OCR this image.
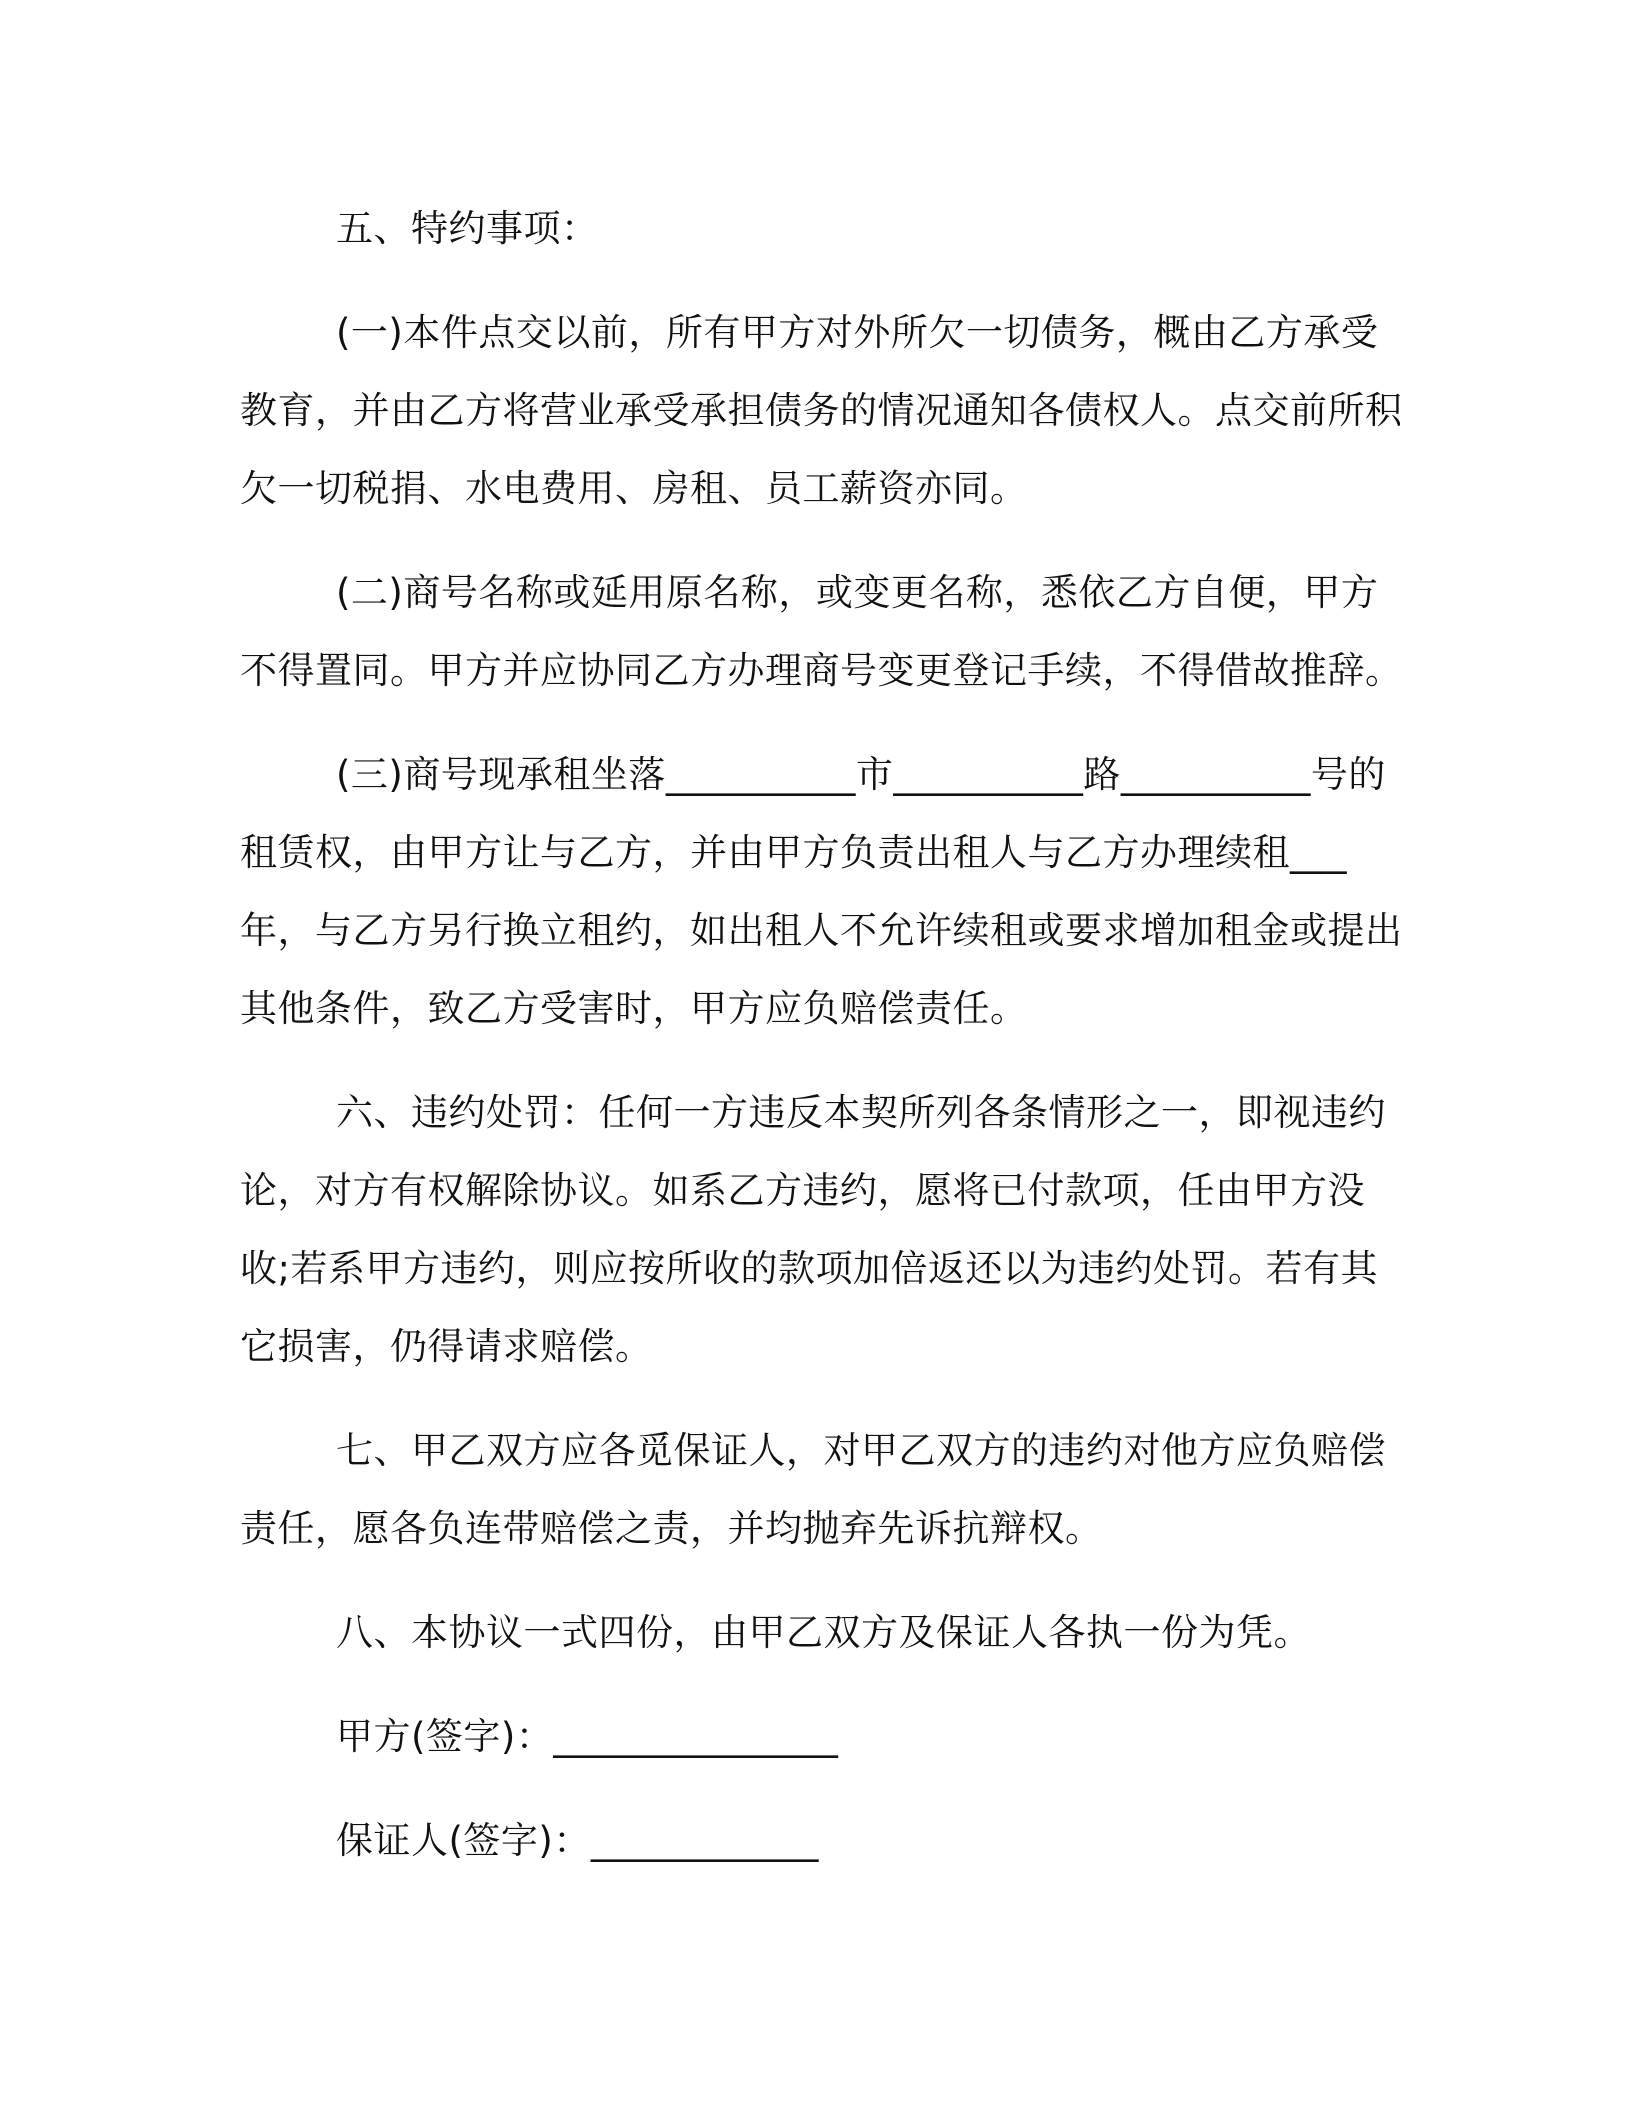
五、特约事项：

(一)本件点交以前，所有甲方对外所欠一切债务，概由乙方承受教育，并由乙方将营业承受承担债务的情况通知各债权人。点交前所积欠一切税捐、水电费用、房租、员工薪资亦同。

(二)商号名称或延用原名称，或变更名称，悉依乙方自便，甲方不得置同。甲方并应协同乙方办理商号变更登记手续，不得借故推辞。

(三)商号现承租坐落__________市__________路__________号的租赁权，由甲方让与乙方，并由甲方负责出租人与乙方办理续租___年，与乙方另行换立租约，如出租人不允许续租或要求增加租金或提出其他条件，致乙方受害时，甲方应负赔偿责任。

六、违约处罚：任何一方违反本契所列各条情形之一，即视违约论，对方有权解除协议。如系乙方违约，愿将已付款项，任由甲方没收;若系甲方违约，则应按所收的款项加倍返还以为违约处罚。若有其它损害，仍得请求赔偿。

七、甲乙双方应各觅保证人，对甲乙双方的违约对他方应负赔偿责任，愿各负连带赔偿之责，并均抛弃先诉抗辩权。

八、本协议一式四份，由甲乙双方及保证人各执一份为凭。

甲方(签字)：_______________

保证人(签字)：____________
